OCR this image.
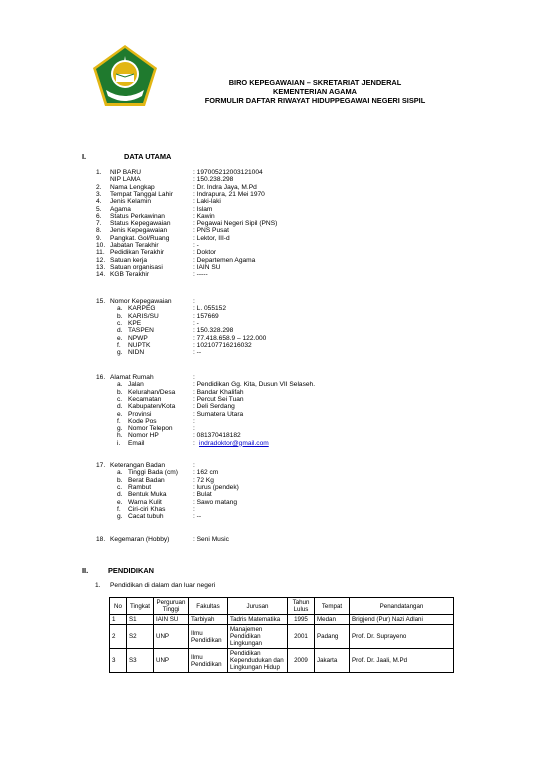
BIRO KEPEGAWAIAN – SKRETARIAT JENDERAL
KEMENTERIAN AGAMA
FORMULIR DAFTAR RIWAYAT HIDUPPEGAWAI NEGERI SISPIL
I.	DATA UTAMA
1. NIP BARU	: 197005212003121004
NIP LAMA	: 150.238.298
2. Nama Lengkap	: Dr. Indra Jaya, M.Pd
3. Tempat Tanggal Lahir	: Indrapura, 21 Mei 1970
4. Jenis Kelamin	: Laki-laki
5. Agama	: Islam
6. Status Perkawinan	: Kawin
7. Status Kepegawaian	: Pegawai Negeri Sipil (PNS)
8. Jenis Kepegawaian	: PNS Pusat
9. Pangkat. Gol/Ruang	: Lektor, III-d
10. Jabatan Terakhir	: -
11. Pedidikan Terakhir	: Doktor
12. Satuan kerja	: Departemen Agama
13. Satuan organisasi	: IAIN SU
14. KGB Terakhir	: -----
15. Nomor Kepegawaian	:
a. KARPEG	: L. 055152
b. KARIS/SU	: 157669
c. KPE	: -
d. TASPEN	: 150.328.298
e. NPWP	: 77.418.658.9 – 122.000
f. NUPTK	: 102107716216032
g. NIDN	: --
16. Alamat Rumah	:
a. Jalan	: Pendidikan Gg. Kita, Dusun VII Selaseh.
b. Kelurahan/Desa	: Bandar Khalifah
c. Kecamatan	: Percut Sei Tuan
d. Kabupaten/Kota	: Deli Serdang
e. Provinsi	: Sumatera Utara
f. Kode Pos	:
g. Nomor Telepon	:
h. Nomor HP	: 081370418182
i. Email	: indradoktor@gmail.com
17. Keterangan Badan	:
a. Tinggi Bada (cm) : 162 cm
b. Berat Badan	: 72 Kg
c. Rambut	: lurus (pendek)
d. Bentuk Muka	: Bulat
e. Warna Kulit	: Sawo matang
f. Ciri-ciri Khas	:
g. Cacat tubuh	: --
18. Kegemaran (Hobby)	: Seni Music
II.	PENDIDIKAN
1. Pendidikan di dalam dan luar negeri
No	Tingkat	Perguruan Tinggi	Fakultas	Jurusan	Tahun Lulus	Tempat	Penandatangan
1	S1	IAIN SU	Tarbiyah	Tadris Matematika	1995	Medan	Brigjend (Pur) Nazi Adlani
2	S2	UNP	Ilmu Pendidikan	Manajemen Pendidikan Lingkungan	2001	Padang	Prof. Dr. Suprayeno
3	S3	UNP	Ilmu Pendidikan	Pendidikan Kependudukan dan Lingkungan Hidup	2009	Jakarta	Prof. Dr. Jaali, M.Pd
